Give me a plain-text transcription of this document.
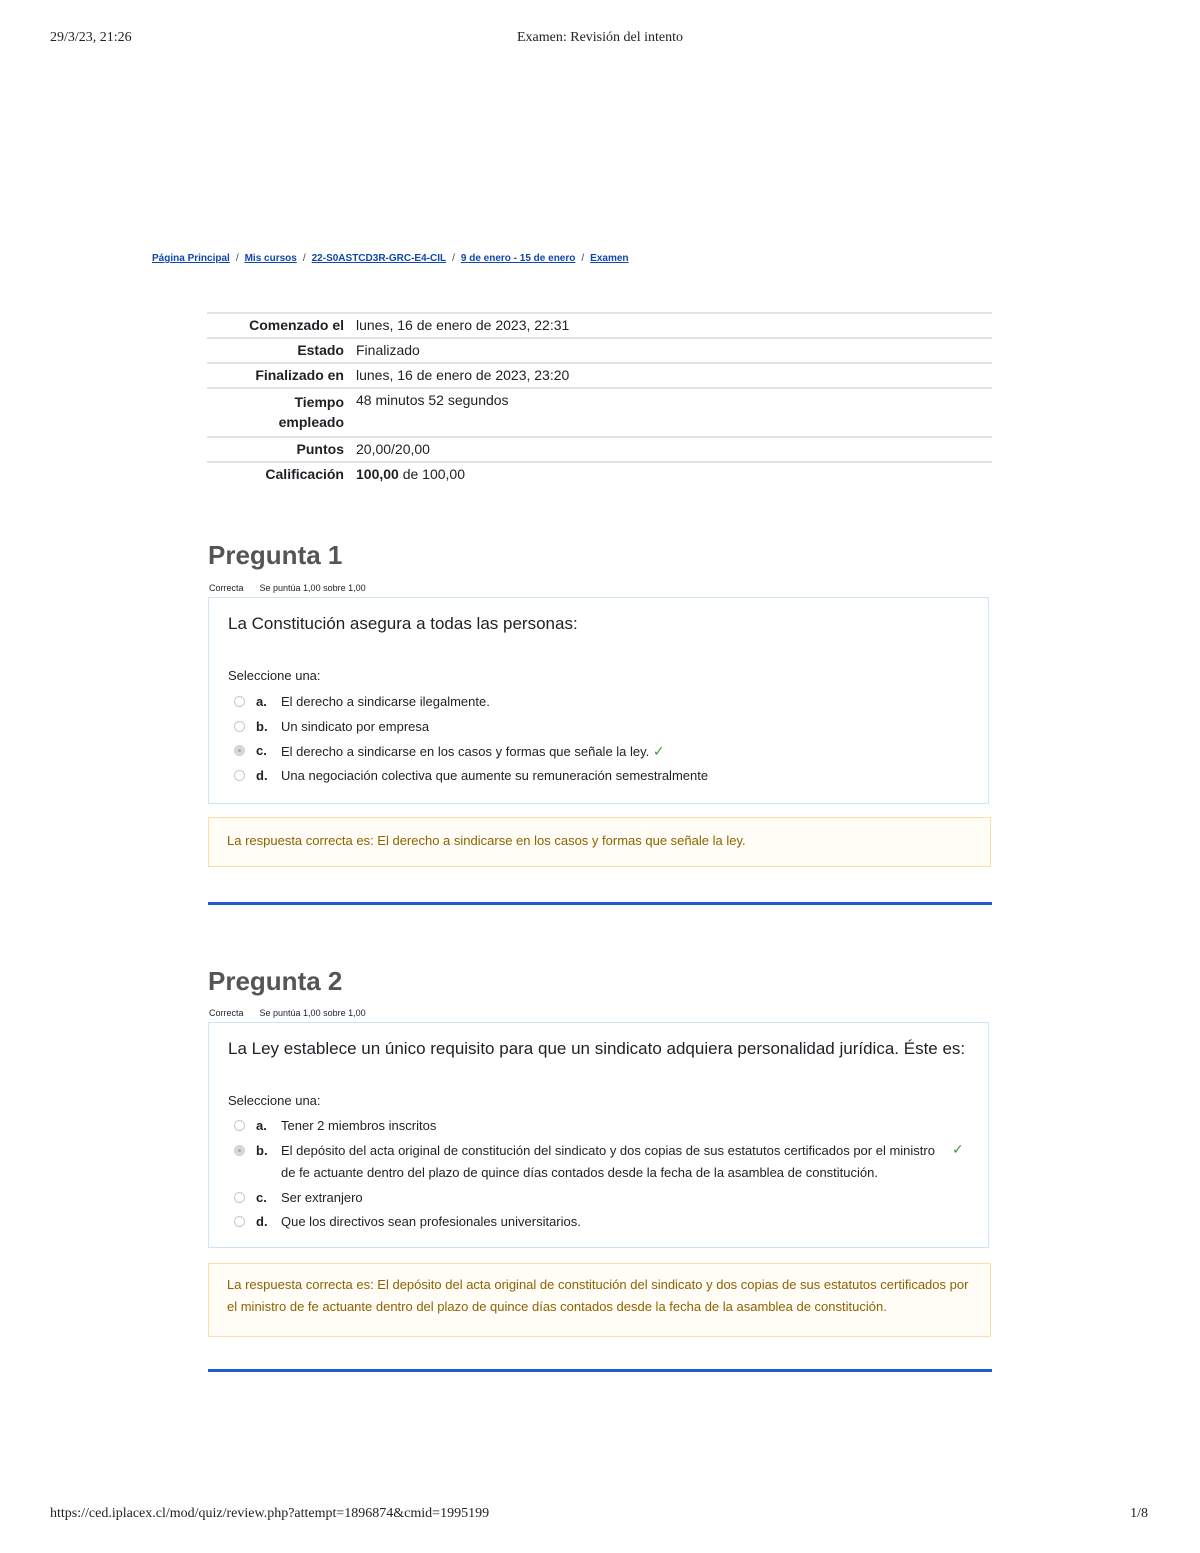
29/3/23, 21:26	Examen: Revisión del intento
Página Principal / Mis cursos / 22-S0ASTCD3R-GRC-E4-CIL / 9 de enero - 15 de enero / Examen
Comenzado el	lunes, 16 de enero de 2023, 22:31
Estado	Finalizado
Finalizado en	lunes, 16 de enero de 2023, 23:20

Tiempo empleado	48 minutos 52 segundos
Puntos	20,00/20,00
Calificación	100,00 de 100,00
Pregunta 1
Correcta Se puntúa 1,00 sobre 1,00
La Constitución asegura a todas las personas:
Seleccione una:
a. El derecho a sindicarse ilegalmente.
b. Un sindicato por empresa
c. El derecho a sindicarse en los casos y formas que señale la ley. ✓
d. Una negociación colectiva que aumente su remuneración semestralmente
La respuesta correcta es: El derecho a sindicarse en los casos y formas que señale la ley.
Pregunta 2
Correcta Se puntúa 1,00 sobre 1,00
La Ley establece un único requisito para que un sindicato adquiera personalidad jurídica. Éste es:
Seleccione una:
a. Tener 2 miembros inscritos
b. El depósito del acta original de constitución del sindicato y dos copias de sus estatutos certificados por el ministro de fe actuante dentro del plazo de quince días contados desde la fecha de la asamblea de constitución.
✓
c. Ser extranjero
d. Que los directivos sean profesionales universitarios.
La respuesta correcta es: El depósito del acta original de constitución del sindicato y dos copias de sus estatutos certificados por el ministro de fe actuante dentro del plazo de quince días contados desde la fecha de la asamblea de constitución.
https://ced.iplacex.cl/mod/quiz/review.php?attempt=1896874&cmid=1995199	1/8
